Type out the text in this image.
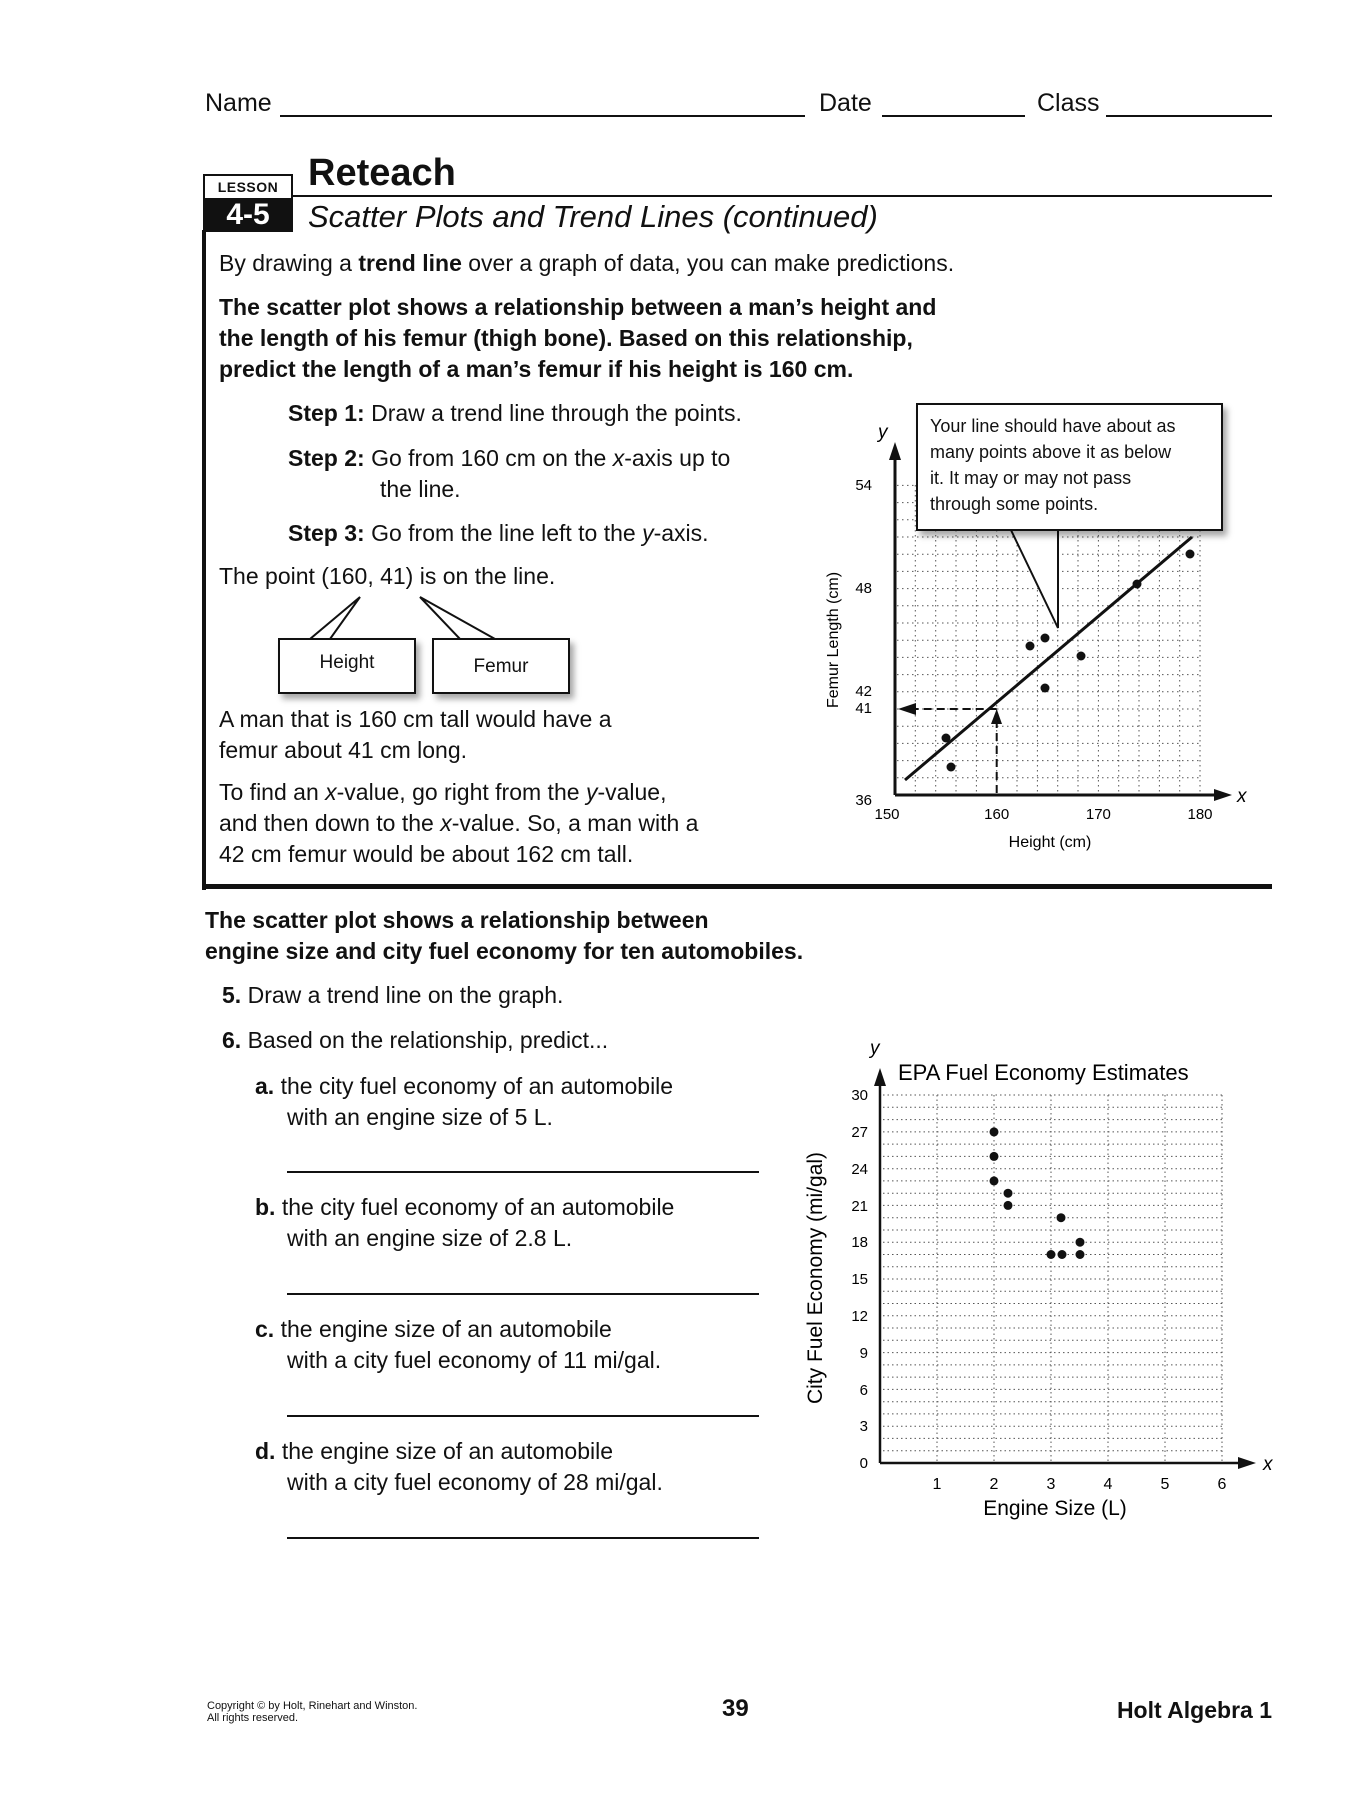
Name	Date	Class
LESSON
4-5
Reteach
Scatter Plots and Trend Lines (continued)
By drawing a trend line over a graph of data, you can make predictions.
The scatter plot shows a relationship between a man’s height and
the length of his femur (thigh bone). Based on this relationship,
predict the length of a man’s femur if his height is 160 cm.
Step 1: Draw a trend line through the points.
Step 2: Go from 160 cm on the x-axis up to
the line.
Step 3: Go from the line left to the y-axis.
The point (160, 41) is on the line.
Height	Femur
A man that is 160 cm tall would have a
femur about 41 cm long.
To find an x-value, go right from the y-value,
and then down to the x-value. So, a man with a
42 cm femur would be about 162 cm tall.
y
x
54
48
42
41
36
150	160	170	180
Height (cm)
Femur Length (cm)
Your line should have about as
many points above it as below
it. It may or may not pass
through some points.
The scatter plot shows a relationship between
engine size and city fuel economy for ten automobiles.
5. Draw a trend line on the graph.
6. Based on the relationship, predict...
a. the city fuel economy of an automobile
with an engine size of 5 L.
b. the city fuel economy of an automobile
with an engine size of 2.8 L.
c. the engine size of an automobile
with a city fuel economy of 11 mi/gal.
d. the engine size of an automobile
with a city fuel economy of 28 mi/gal.
y
x
EPA Fuel Economy Estimates
30
27
24
21
18
15
12
9
6
3
0
1	2	3	4	5	6
Engine Size (L)
City Fuel Economy (mi/gal)
Copyright © by Holt, Rinehart and Winston.
All rights reserved.	39	Holt Algebra 1
